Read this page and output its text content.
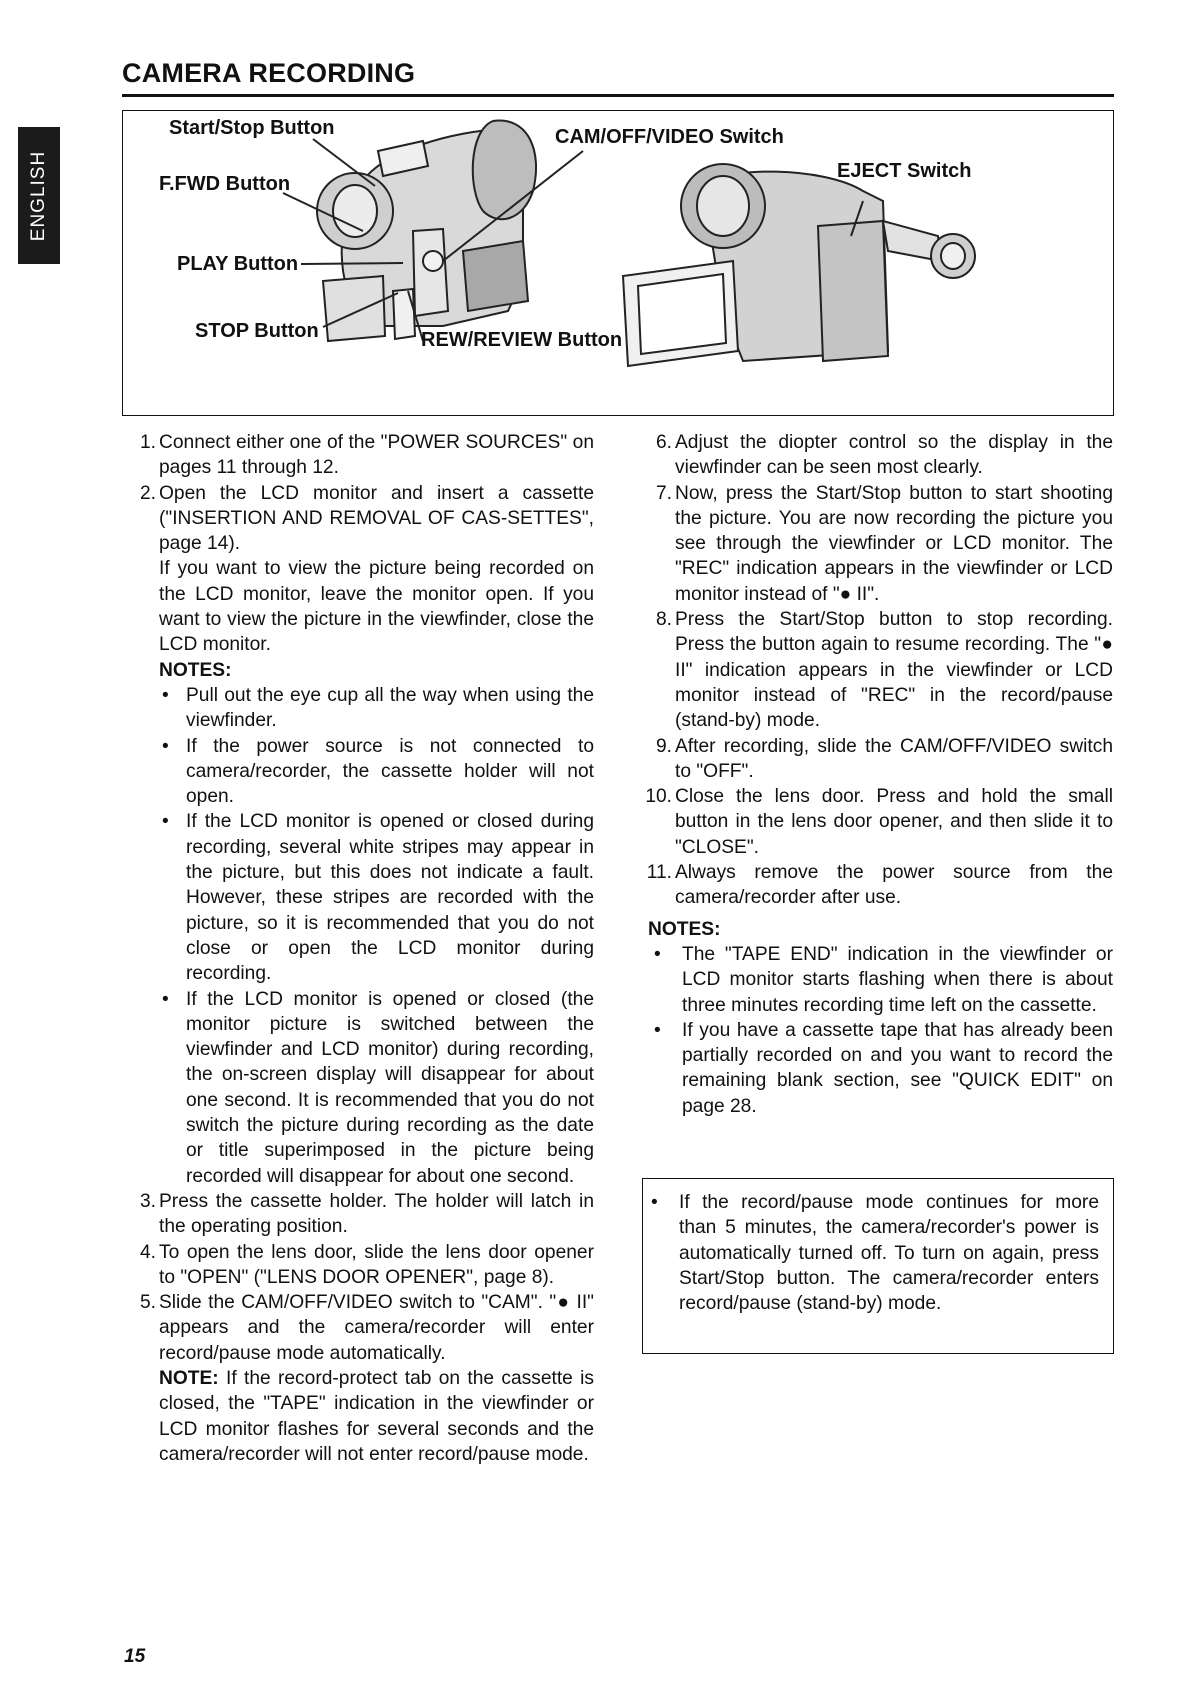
ENGLISH
CAMERA RECORDING
Start/Stop Button
F.FWD Button
PLAY Button
STOP Button	REW/REVIEW Button
CAM/OFF/VIDEO Switch
EJECT Switch
1. Connect either one of the "POWER SOURCES" on pages 11 through 12.
2. Open the LCD monitor and insert a cassette ("INSERTION AND REMOVAL OF CAS-SETTES", page 14).

If you want to view the picture being recorded on the LCD monitor, leave the monitor open. If you want to view the picture in the viewfinder, close the LCD monitor.

NOTES:

• Pull out the eye cup all the way when using the viewfinder.
• If the power source is not connected to camera/recorder, the cassette holder will not open.
• If the LCD monitor is opened or closed during recording, several white stripes may appear in the picture, but this does not indicate a fault. However, these stripes are recorded with the picture, so it is recommended that you do not close or open the LCD monitor during recording.
• If the LCD monitor is opened or closed (the monitor picture is switched between the viewfinder and LCD monitor) during recording, the on-screen display will disappear for about one second. It is recommended that you do not switch the picture during recording as the date or title superimposed in the picture being recorded will disappear for about one second.
3. Press the cassette holder. The holder will latch in the operating position.
4. To open the lens door, slide the lens door opener to "OPEN" ("LENS DOOR OPENER", page 8).
5. Slide the CAM/OFF/VIDEO switch to "CAM". "● II" appears and the camera/recorder will enter record/pause mode automatically.

NOTE: If the record-protect tab on the cassette is closed, the "TAPE" indication in the viewfinder or LCD monitor flashes for several seconds and the camera/recorder will not enter record/pause mode.

6. Adjust the diopter control so the display in the viewfinder can be seen most clearly.
7. Now, press the Start/Stop button to start shooting the picture. You are now recording the picture you see through the viewfinder or LCD monitor. The "REC" indication appears in the viewfinder or LCD monitor instead of "● II".
8. Press the Start/Stop button to stop recording. Press the button again to resume recording. The "● II" indication appears in the viewfinder or LCD monitor instead of "REC" in the record/pause (stand-by) mode.
9. After recording, slide the CAM/OFF/VIDEO switch to "OFF".
10. Close the lens door. Press and hold the small button in the lens door opener, and then slide it to "CLOSE".
11. Always remove the power source from the camera/recorder after use.

NOTES:

•	The "TAPE END" indication in the viewfinder or LCD monitor starts flashing when there is about three minutes recording time left on the cassette.
•	If you have a cassette tape that has already been partially recorded on and you want to record the remaining blank section, see "QUICK EDIT" on page 28.
•	If the record/pause mode continues for more than 5 minutes, the camera/recorder's power is automatically turned off. To turn on again, press Start/Stop button. The camera/recorder enters record/pause (stand-by) mode.
15
